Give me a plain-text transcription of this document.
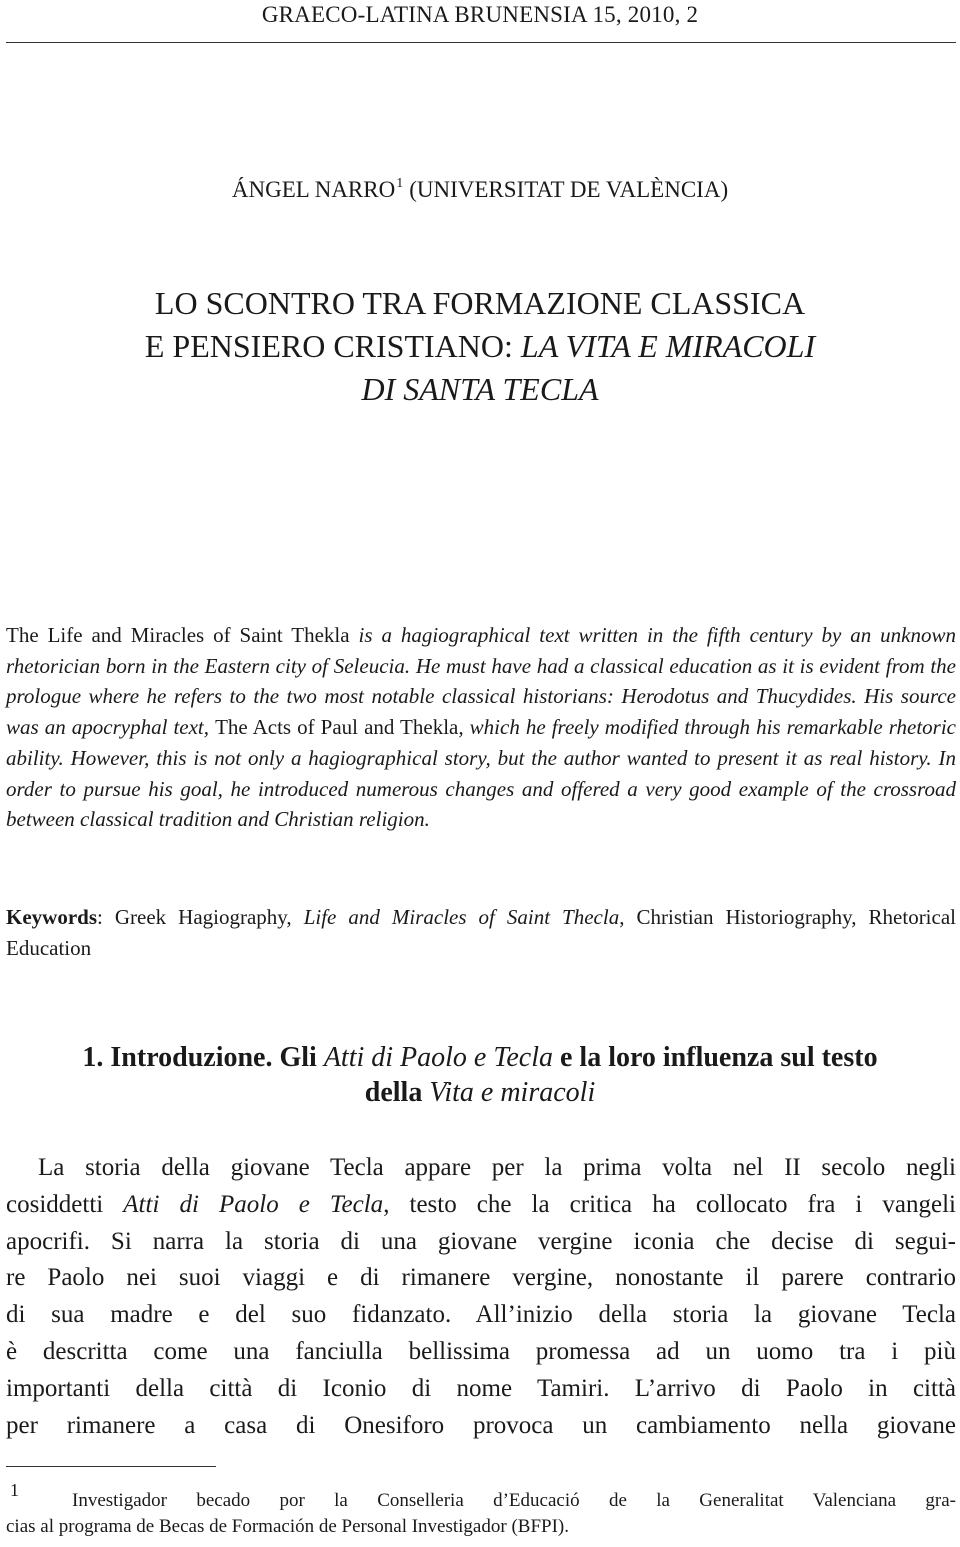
GRAECO-LATINA BRUNENSIA 15, 2010, 2
ÁNGEL NARRO$^1$ (UNIVERSITAT DE VALÈNCIA)
LO SCONTRO TRA FORMAZIONE CLASSICA
E PENSIERO CRISTIANO: LA VITA E MIRACOLI
DI SANTA TECLA
The Life and Miracles of Saint Thekla is a hagiographical text written in the fifth century by an unknown rhetorician born in the Eastern city of Seleucia. He must have had a classical education as it is evident from the prologue where he refers to the two most notable classical historians: Herodotus and Thucydides. His source was an apocryphal text, The Acts of Paul and Thekla, which he freely modified through his remarkable rhetoric ability. However, this is not only a hagiographical story, but the author wanted to present it as real history. In order to pursue his goal, he introduced numerous changes and offered a very good example of the crossroad between classical tradition and Christian religion.
Keywords: Greek Hagiography, Life and Miracles of Saint Thecla, Christian Historiography, Rhetorical Education
1. Introduzione. Gli Atti di Paolo e Tecla e la loro influenza sul testo
della Vita e miracoli
La storia della giovane Tecla appare per la prima volta nel II secolo negli
cosiddetti Atti di Paolo e Tecla, testo che la critica ha collocato fra i vangeli
apocrifi. Si narra la storia di una giovane vergine iconia che decise di segui-
re Paolo nei suoi viaggi e di rimanere vergine, nonostante il parere contrario
di sua madre e del suo fidanzato. All’inizio della storia la giovane Tecla
è descritta come una fanciulla bellissima promessa ad un uomo tra i più
importanti della città di Iconio di nome Tamiri. L’arrivo di Paolo in città
per rimanere a casa di Onesiforo provoca un cambiamento nella giovane
1	Investigador becado por la Conselleria d’Educació de la Generalitat Valenciana gra-
cias al programa de Becas de Formación de Personal Investigador (BFPI).
